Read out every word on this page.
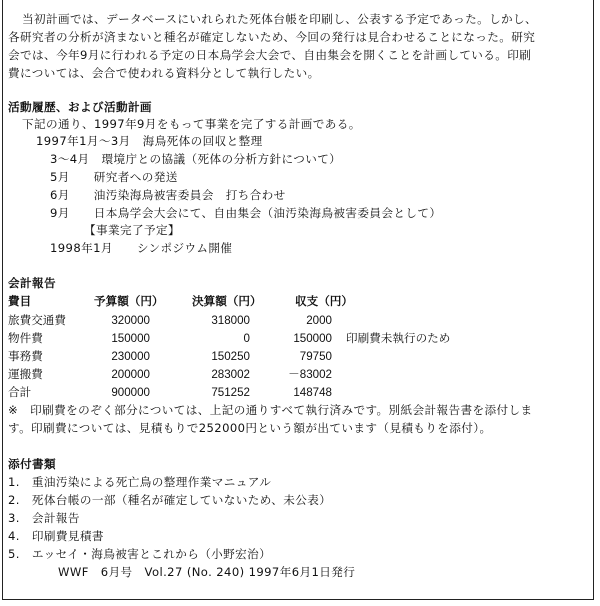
当初計画では、データベースにいれられた死体台帳を印刷し、公表する予定であった。しかし、
各研究者の分析が済まないと種名が確定しないため、今回の発行は見合わせることになった。研究
会では、今年9月に行われる予定の日本鳥学会大会で、自由集会を開くことを計画している。印刷
費については、会合で使われる資料分として執行したい。
活動履歴、および活動計画
下記の通り、1997年9月をもって事業を完了する計画である。
1997年1月～3月　海鳥死体の回収と整理
3～4月　環境庁との協議（死体の分析方針について）
5月　　研究者への発送
6月　　油汚染海鳥被害委員会　打ち合わせ
9月　　日本鳥学会大会にて、自由集会（油汚染海鳥被害委員会として）
【事業完了予定】
1998年1月　　シンポジウム開催
会計報告
費目	予算額（円） 決算額（円）	収支（円）
旅費交通費	320000	318000	2000
物件費	150000	0	150000 印刷費未執行のため
事務費	230000	150250	79750
運搬費	200000	283002	－83002
合計	900000	751252	148748
※　印刷費をのぞく部分については、上記の通りすべて執行済みです。別紙会計報告書を添付しま
す。印刷費については、見積もりで252000円という額が出ています（見積もりを添付）。
添付書類
1.　重油汚染による死亡鳥の整理作業マニュアル
2.　死体台帳の一部（種名が確定していないため、未公表）
3.　会計報告
4.　印刷費見積書
5.　エッセイ・海鳥被害とこれから（小野宏治）
WWF　6月号　Vol.27 (No. 240) 1997年6月1日発行
